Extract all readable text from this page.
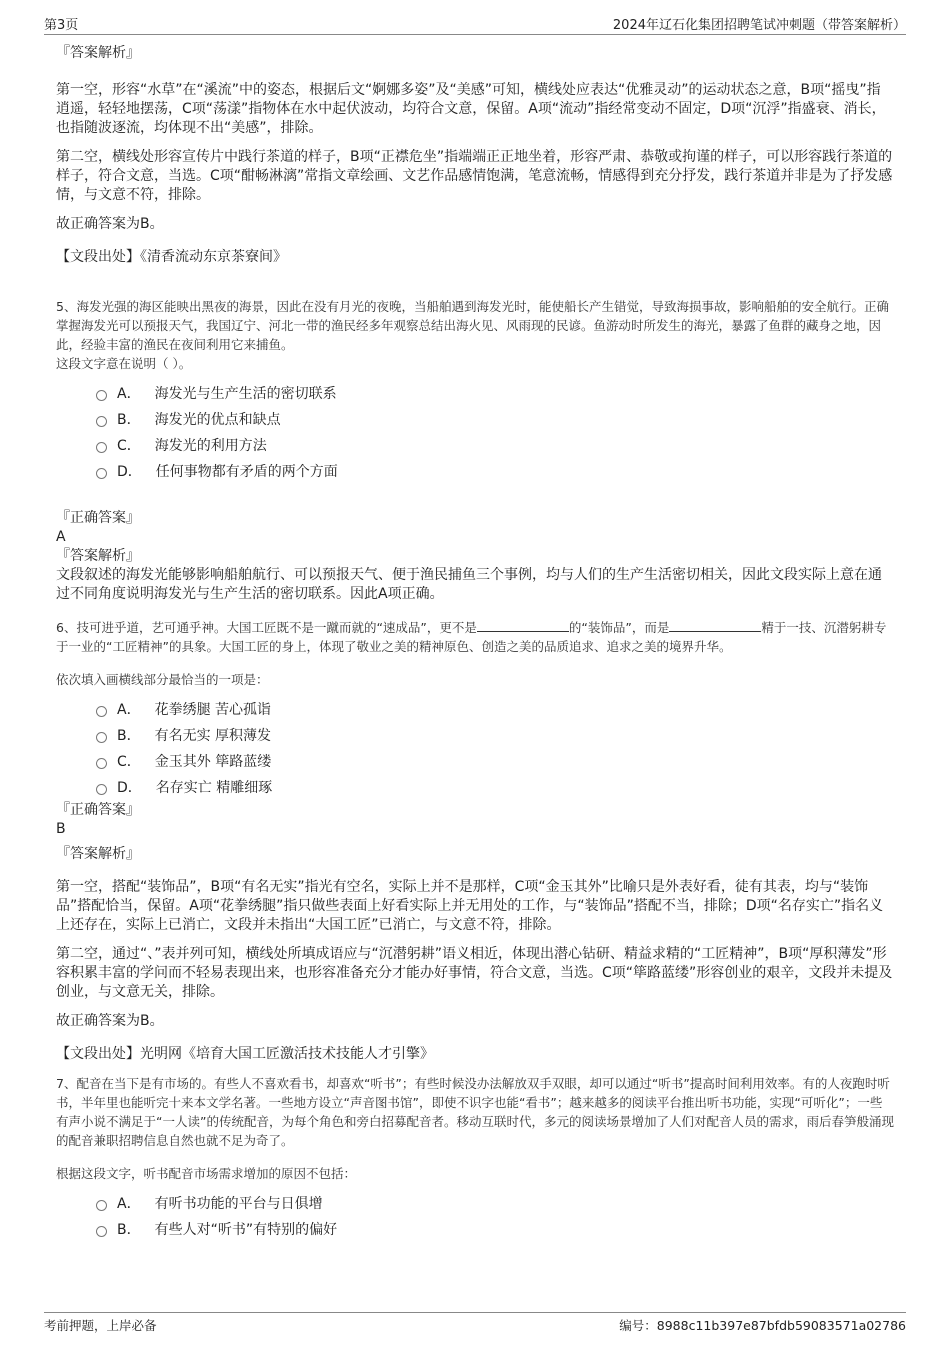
第3页	2024年辽石化集团招聘笔试冲刺题（带答案解析）

『答案解析』

第一空，形容“水草”在“溪流”中的姿态，根据后文“婀娜多姿”及“美感”可知，横线处应表达“优雅灵动”的运动状态之意，B项“摇曳”指逍遥，轻轻地摆荡，C项“荡漾”指物体在水中起伏波动，均符合文意，保留。A项“流动”指经常变动不固定，D项“沉浮”指盛衰、消长，也指随波逐流，均体现不出“美感”，排除。

第二空，横线处形容宣传片中践行茶道的样子，B项“正襟危坐”指端端正正地坐着，形容严肃、恭敬或拘谨的样子，可以形容践行茶道的样子，符合文意，当选。C项“酣畅淋漓”常指文章绘画、文艺作品感情饱满，笔意流畅，情感得到充分抒发，践行茶道并非是为了抒发感情，与文意不符，排除。

故正确答案为B。

【文段出处】《清香流动东京茶寮间》

5、海发光强的海区能映出黑夜的海景，因此在没有月光的夜晚，当船舶遇到海发光时，能使船长产生错觉，导致海损事故，影响船舶的安全航行。正确掌握海发光可以预报天气，我国辽宁、河北一带的渔民经多年观察总结出海火见、风雨现的民谚。鱼游动时所发生的海光，暴露了鱼群的藏身之地，因此，经验丰富的渔民在夜间利用它来捕鱼。

这段文字意在说明（ ）。

A． 海发光与生产生活的密切联系
B． 海发光的优点和缺点
C． 海发光的利用方法
D． 任何事物都有矛盾的两个方面

『正确答案』

A

『答案解析』

文段叙述的海发光能够影响船舶航行、可以预报天气、便于渔民捕鱼三个事例，均与人们的生产生活密切相关，因此文段实际上意在通过不同角度说明海发光与生产生活的密切联系。因此A项正确。

6、技可进乎道，艺可通乎神。大国工匠既不是一蹴而就的“速成品”，更不是	的“装饰品”，而是	精于一技、沉潜躬耕专于一业的“工匠精神”的具象。大国工匠的身上，体现了敬业之美的精神原色、创造之美的品质追求、追求之美的境界升华。

依次填入画横线部分最恰当的一项是：

A． 花拳绣腿 苦心孤诣
B． 有名无实 厚积薄发
C． 金玉其外 筚路蓝缕
D． 名存实亡 精雕细琢

『正确答案』

B

『答案解析』

第一空，搭配“装饰品”，B项“有名无实”指光有空名，实际上并不是那样，C项“金玉其外”比喻只是外表好看，徒有其表，均与“装饰品”搭配恰当，保留。A项“花拳绣腿”指只做些表面上好看实际上并无用处的工作，与“装饰品”搭配不当，排除；D项“名存实亡”指名义上还存在，实际上已消亡，文段并未指出“大国工匠”已消亡，与文意不符，排除。

第二空，通过“、”表并列可知，横线处所填成语应与“沉潜躬耕”语义相近，体现出潜心钻研、精益求精的“工匠精神”，B项“厚积薄发”形容积累丰富的学问而不轻易表现出来，也形容准备充分才能办好事情，符合文意，当选。C项“筚路蓝缕”形容创业的艰辛，文段并未提及创业，与文意无关，排除。

故正确答案为B。

【文段出处】光明网《培育大国工匠激活技术技能人才引擎》

7、配音在当下是有市场的。有些人不喜欢看书，却喜欢“听书”；有些时候没办法解放双手双眼，却可以通过“听书”提高时间利用效率。有的人夜跑时听书，半年里也能听完十来本文学名著。一些地方设立“声音图书馆”，即使不识字也能“看书”；越来越多的阅读平台推出听书功能，实现“可听化”；一些有声小说不满足于“一人读”的传统配音，为每个角色和旁白招募配音者。移动互联时代，多元的阅读场景增加了人们对配音人员的需求，雨后春笋般涌现的配音兼职招聘信息自然也就不足为奇了。

根据这段文字，听书配音市场需求增加的原因不包括：

A． 有听书功能的平台与日俱增
B． 有些人对“听书”有特别的偏好
考前押题，上岸必备	编号：8988c11b397e87bfdb59083571a02786
